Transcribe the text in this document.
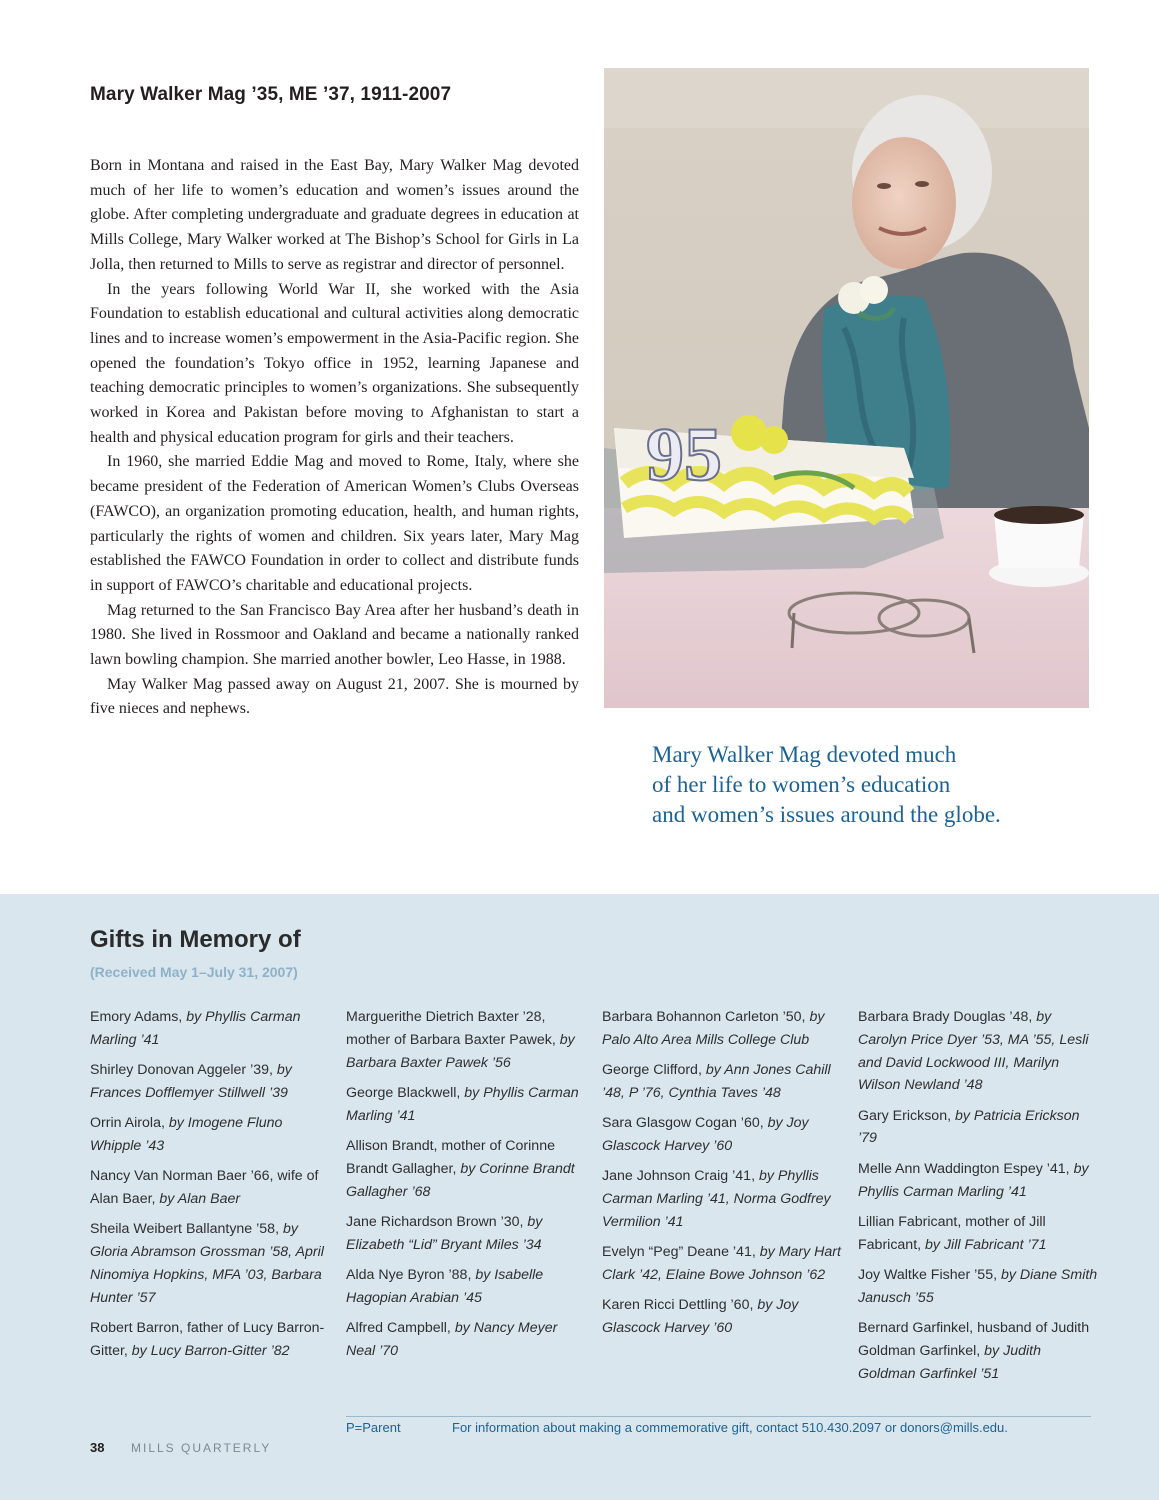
Mary Walker Mag ’35, ME ’37, 1911-2007

Born in Montana and raised in the East Bay, Mary Walker Mag devoted much of her life to women’s education and women’s issues around the globe. After completing undergraduate and graduate degrees in education at Mills College, Mary Walker worked at The Bishop’s School for Girls in La Jolla, then returned to Mills to serve as registrar and director of personnel.

In the years following World War II, she worked with the Asia Foundation to establish educational and cultural activities along democratic lines and to increase women’s empowerment in the Asia-Pacific region. She opened the foundation’s Tokyo office in 1952, learning Japanese and teaching democratic principles to women’s organizations. She subsequently worked in Korea and Pakistan before moving to Afghanistan to start a health and physical education program for girls and their teachers.

In 1960, she married Eddie Mag and moved to Rome, Italy, where she became president of the Federation of American Women’s Clubs Overseas (FAWCO), an organization promoting education, health, and human rights, particularly the rights of women and children. Six years later, Mary Mag established the FAWCO Foundation in order to collect and distribute funds in support of FAWCO’s charitable and educational projects.

Mag returned to the San Francisco Bay Area after her husband’s death in 1980. She lived in Rossmoor and Oakland and became a nationally ranked lawn bowling champion. She married another bowler, Leo Hasse, in 1988.

May Walker Mag passed away on August 21, 2007. She is mourned by five nieces and nephews.

95
Mary Walker Mag devoted much
of her life to women’s education
and women’s issues around the globe.
Gifts in Memory of
(Received May 1–July 31, 2007)
Emory Adams, by Phyllis Carman Marling ’41
Shirley Donovan Aggeler ’39, by Frances Dofflemyer Stillwell ’39
Orrin Airola, by Imogene Fluno Whipple ’43
Nancy Van Norman Baer ’66, wife of Alan Baer, by Alan Baer
Sheila Weibert Ballantyne ’58, by Gloria Abramson Grossman ’58, April Ninomiya Hopkins, MFA ’03, Barbara Hunter ’57
Robert Barron, father of Lucy Barron-Gitter, by Lucy Barron-Gitter ’82
Marguerithe Dietrich Baxter ’28, mother of Barbara Baxter Pawek, by Barbara Baxter Pawek ’56
George Blackwell, by Phyllis Carman Marling ’41
Allison Brandt, mother of Corinne Brandt Gallagher, by Corinne Brandt Gallagher ’68
Jane Richardson Brown ’30, by Elizabeth “Lid” Bryant Miles ’34
Alda Nye Byron ’88, by Isabelle Hagopian Arabian ’45
Alfred Campbell, by Nancy Meyer Neal ’70
Barbara Bohannon Carleton ’50, by Palo Alto Area Mills College Club
George Clifford, by Ann Jones Cahill ’48, P ’76, Cynthia Taves ’48
Sara Glasgow Cogan ’60, by Joy Glascock Harvey ’60
Jane Johnson Craig ’41, by Phyllis Carman Marling ’41, Norma Godfrey Vermilion ’41
Evelyn “Peg” Deane ’41, by Mary Hart Clark ’42, Elaine Bowe Johnson ’62
Karen Ricci Dettling ’60, by Joy Glascock Harvey ’60
Barbara Brady Douglas ’48, by Carolyn Price Dyer ’53, MA ’55, Lesli and David Lockwood III, Marilyn Wilson Newland ’48
Gary Erickson, by Patricia Erickson ’79
Melle Ann Waddington Espey ’41, by Phyllis Carman Marling ’41
Lillian Fabricant, mother of Jill Fabricant, by Jill Fabricant ’71
Joy Waltke Fisher ’55, by Diane Smith Janusch ’55
Bernard Garfinkel, husband of Judith Goldman Garfinkel, by Judith Goldman Garfinkel ’51
P=Parent	For information about making a commemorative gift, contact 510.430.2097 or donors@mills.edu.
38 MILLS QUARTERLY
